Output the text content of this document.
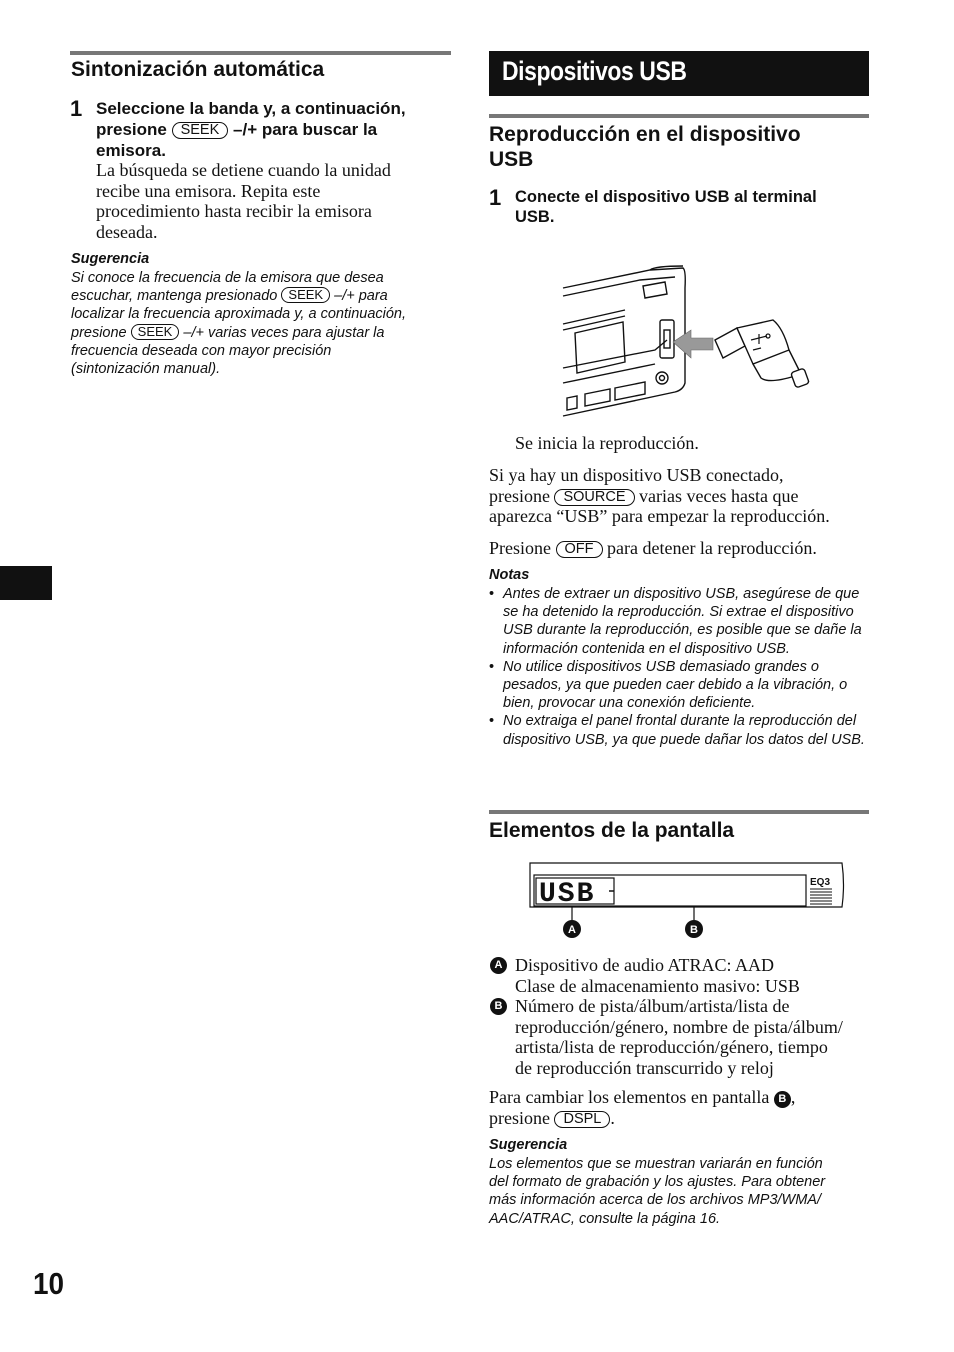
Sintonización automática
1 Seleccione la banda y, a continuación,
presione SEEK –/+ para buscar la
emisora.
La búsqueda se detiene cuando la unidad
recibe una emisora. Repita este
procedimiento hasta recibir la emisora
deseada.
Sugerencia
Si conoce la frecuencia de la emisora que desea
escuchar, mantenga presionado SEEK –/+ para
localizar la frecuencia aproximada y, a continuación,
presione SEEK –/+ varias veces para ajustar la
frecuencia deseada con mayor precisión
(sintonización manual).
Dispositivos USB
Reproducción en el dispositivo
USB
1 Conecte el dispositivo USB al terminal
USB.
Se inicia la reproducción.
Si ya hay un dispositivo USB conectado,
presione SOURCE varias veces hasta que
aparezca “USB” para empezar la reproducción.
Presione OFF para detener la reproducción.
Notas
• Antes de extraer un dispositivo USB, asegúrese de que se ha detenido la reproducción. Si extrae el dispositivo USB durante la reproducción, es posible que se dañe la información contenida en el dispositivo USB.
• No utilice dispositivos USB demasiado grandes o pesados, ya que pueden caer debido a la vibración, o bien, provocar una conexión deficiente.
• No extraiga el panel frontal durante la reproducción del dispositivo USB, ya que puede dañar los datos del USB.
Elementos de la pantalla
USB	EQ3
A	B
A Dispositivo de audio ATRAC: AAD
Clase de almacenamiento masivo: USB
B Número de pista/álbum/artista/lista de
reproducción/género, nombre de pista/álbum/
artista/lista de reproducción/género, tiempo
de reproducción transcurrido y reloj
Para cambiar los elementos en pantalla B ,
presione DSPL .
Sugerencia
Los elementos que se muestran variarán en función
del formato de grabación y los ajustes. Para obtener
más información acerca de los archivos MP3/WMA/
AAC/ATRAC, consulte la página 16.
10
